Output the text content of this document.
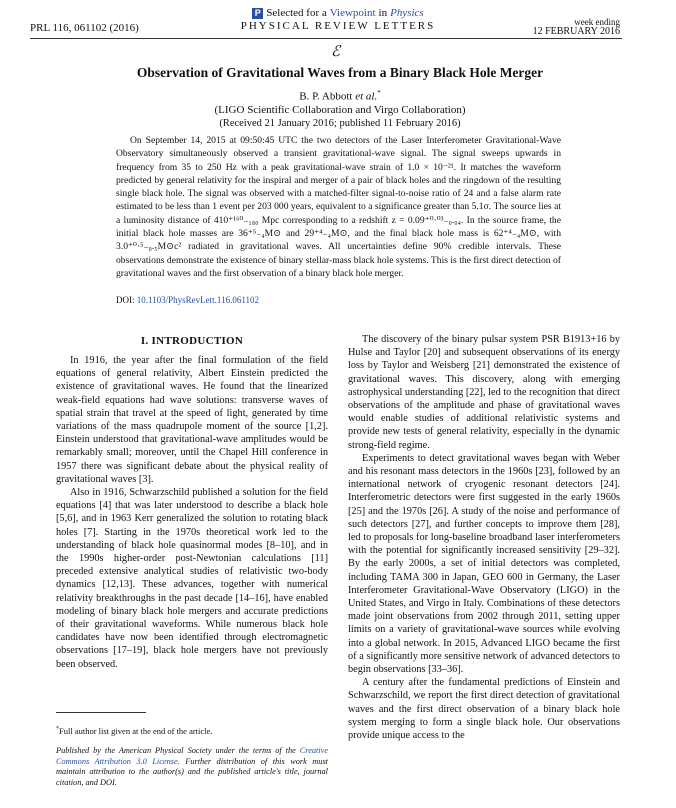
PRL 116, 061102 (2016)
P Selected for a Viewpoint in Physics
PHYSICAL REVIEW LETTERS	week ending
12 FEBRUARY 2016
ℰ
Observation of Gravitational Waves from a Binary Black Hole Merger
B. P. Abbott et al.*
(LIGO Scientific Collaboration and Virgo Collaboration)
(Received 21 January 2016; published 11 February 2016)

On September 14, 2015 at 09:50:45 UTC the two detectors of the Laser Interferometer Gravitational-Wave Observatory simultaneously observed a transient gravitational-wave signal. The signal sweeps upwards in frequency from 35 to 250 Hz with a peak gravitational-wave strain of 1.0 × 10⁻²¹. It matches the waveform predicted by general relativity for the inspiral and merger of a pair of black holes and the ringdown of the resulting single black hole. The signal was observed with a matched-filter signal-to-noise ratio of 24 and a false alarm rate estimated to be less than 1 event per 203 000 years, equivalent to a significance greater than 5.1σ. The source lies at a luminosity distance of 410⁺¹⁶⁰₋₁₈₀ Mpc corresponding to a redshift z = 0.09⁺⁰·⁰³₋₀.₀₄. In the source frame, the initial black hole masses are 36⁺⁵₋₄M⊙ and 29⁺⁴₋₄M⊙, and the final black hole mass is 62⁺⁴₋₄M⊙, with 3.0⁺⁰·⁵₋₀.₅M⊙c² radiated in gravitational waves. All uncertainties define 90% credible intervals. These observations demonstrate the existence of binary stellar-mass black hole systems. This is the first direct detection of gravitational waves and the first observation of a binary black hole merger.

DOI: 10.1103/PhysRevLett.116.061102
I. INTRODUCTION

In 1916, the year after the final formulation of the field equations of general relativity, Albert Einstein predicted the existence of gravitational waves. He found that the linearized weak-field equations had wave solutions: transverse waves of spatial strain that travel at the speed of light, generated by time variations of the mass quadrupole moment of the source [1,2]. Einstein understood that gravitational-wave amplitudes would be remarkably small; moreover, until the Chapel Hill conference in 1957 there was significant debate about the physical reality of gravitational waves [3].

Also in 1916, Schwarzschild published a solution for the field equations [4] that was later understood to describe a black hole [5,6], and in 1963 Kerr generalized the solution to rotating black holes [7]. Starting in the 1970s theoretical work led to the understanding of black hole quasinormal modes [8–10], and in the 1990s higher-order post-Newtonian calculations [11] preceded extensive analytical studies of relativistic two-body dynamics [12,13]. These advances, together with numerical relativity breakthroughs in the past decade [14–16], have enabled modeling of binary black hole mergers and accurate predictions of their gravitational waveforms. While numerous black hole candidates have now been identified through electromagnetic observations [17–19], black hole mergers have not previously been observed.

The discovery of the binary pulsar system PSR B1913+16 by Hulse and Taylor [20] and subsequent observations of its energy loss by Taylor and Weisberg [21] demonstrated the existence of gravitational waves. This discovery, along with emerging astrophysical understanding [22], led to the recognition that direct observations of the amplitude and phase of gravitational waves would enable studies of additional relativistic systems and provide new tests of general relativity, especially in the dynamic strong-field regime.

Experiments to detect gravitational waves began with Weber and his resonant mass detectors in the 1960s [23], followed by an international network of cryogenic resonant detectors [24]. Interferometric detectors were first suggested in the early 1960s [25] and the 1970s [26]. A study of the noise and performance of such detectors [27], and further concepts to improve them [28], led to proposals for long-baseline broadband laser interferometers with the potential for significantly increased sensitivity [29–32]. By the early 2000s, a set of initial detectors was completed, including TAMA 300 in Japan, GEO 600 in Germany, the Laser Interferometer Gravitational-Wave Observatory (LIGO) in the United States, and Virgo in Italy. Combinations of these detectors made joint observations from 2002 through 2011, setting upper limits on a variety of gravitational-wave sources while evolving into a global network. In 2015, Advanced LIGO became the first of a significantly more sensitive network of advanced detectors to begin observations [33–36].

A century after the fundamental predictions of Einstein and Schwarzschild, we report the first direct detection of gravitational waves and the first direct observation of a binary black hole system merging to form a single black hole. Our observations provide unique access to the

*Full author list given at the end of the article.
Published by the American Physical Society under the terms of the Creative Commons Attribution 3.0 License. Further distribution of this work must maintain attribution to the author(s) and the published article's title, journal citation, and DOI.
